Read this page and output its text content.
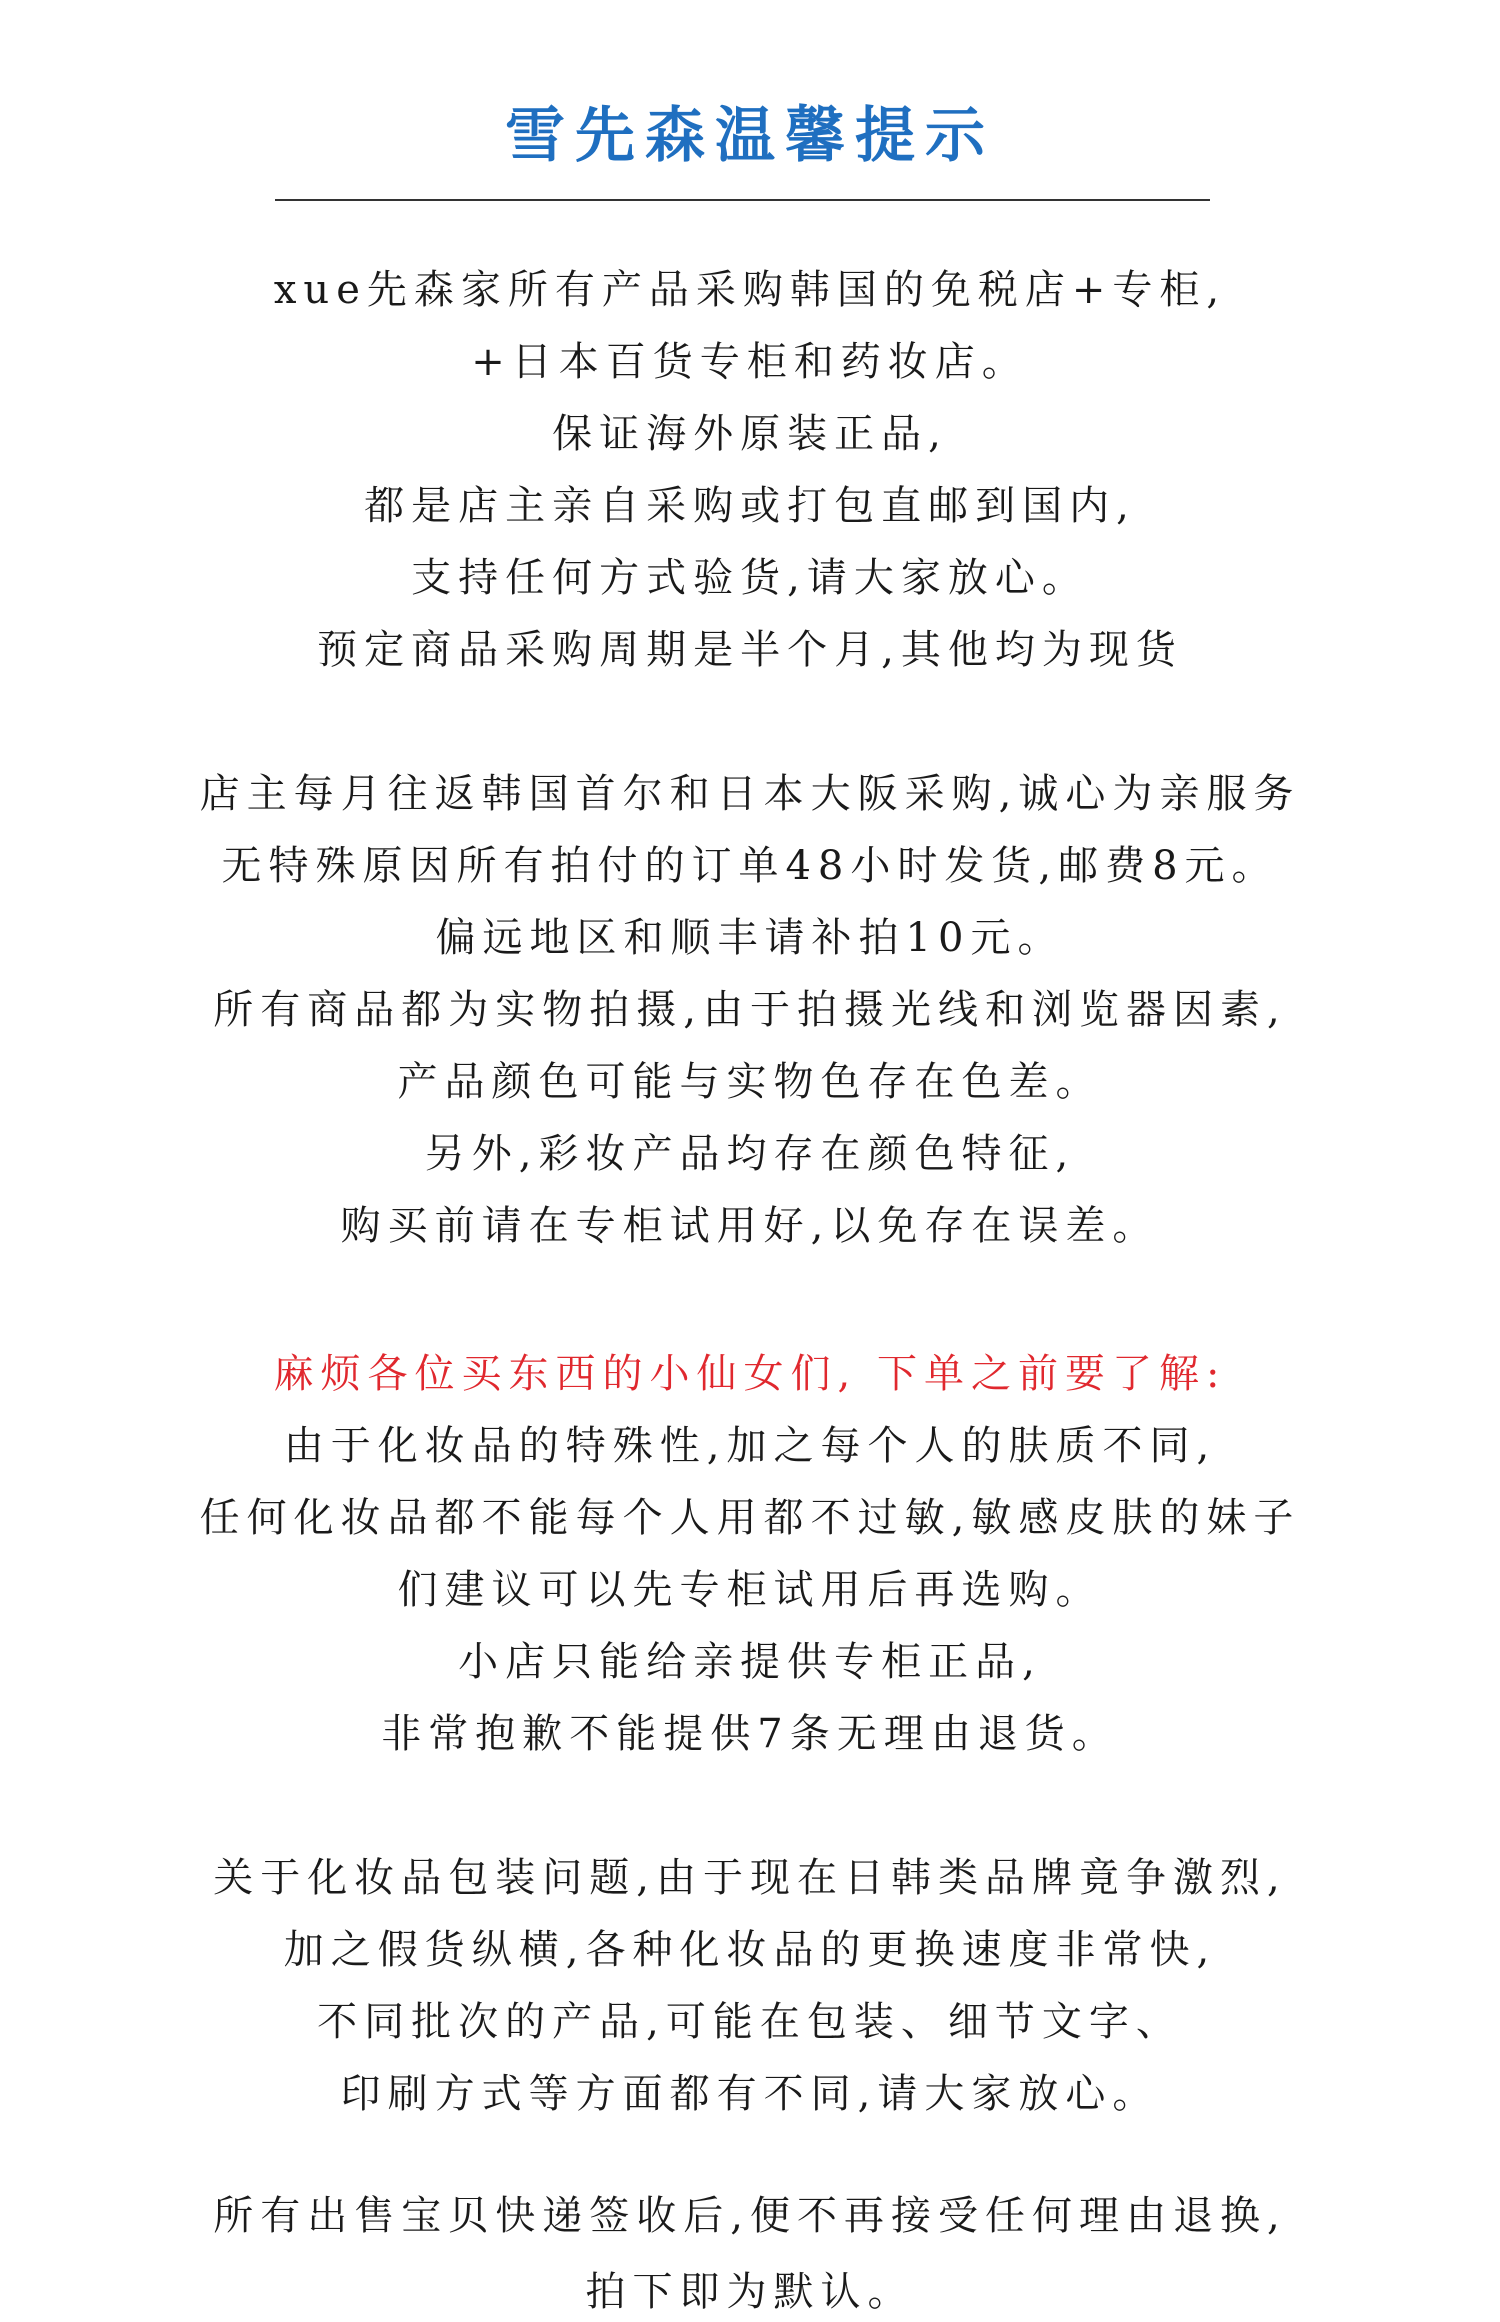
雪先森温馨提示
xue先森家所有产品采购韩国的免税店+专柜,
+日本百货专柜和药妆店。
保证海外原装正品,
都是店主亲自采购或打包直邮到国内,
支持任何方式验货,请大家放心。
预定商品采购周期是半个月,其他均为现货
店主每月往返韩国首尔和日本大阪采购,诚心为亲服务
无特殊原因所有拍付的订单48小时发货,邮费8元。
偏远地区和顺丰请补拍10元。
所有商品都为实物拍摄,由于拍摄光线和浏览器因素,
产品颜色可能与实物色存在色差。
另外,彩妆产品均存在颜色特征,
购买前请在专柜试用好,以免存在误差。
麻烦各位买东西的小仙女们, 下单之前要了解:
由于化妆品的特殊性,加之每个人的肤质不同,
任何化妆品都不能每个人用都不过敏,敏感皮肤的妹子
们建议可以先专柜试用后再选购。
小店只能给亲提供专柜正品,
非常抱歉不能提供7条无理由退货。
关于化妆品包装问题,由于现在日韩类品牌竟争激烈,
加之假货纵横,各种化妆品的更换速度非常快,
不同批次的产品,可能在包装、细节文字、
印刷方式等方面都有不同,请大家放心。
所有出售宝贝快递签收后,便不再接受任何理由退换,
拍下即为默认。
